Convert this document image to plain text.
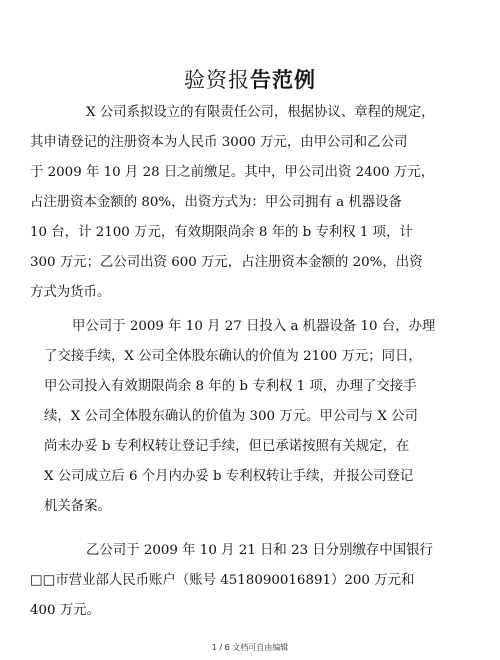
验资报告范例
X 公司系拟设立的有限责任公司，根据协议、章程的规定，
其申请登记的注册资本为人民币 3000 万元，由甲公司和乙公司
于 2009 年 10 月 28 日之前缴足。其中，甲公司出资 2400 万元，
占注册资本金额的 80%，出资方式为：甲公司拥有 a 机器设备
10 台，计 2100 万元，有效期限尚余 8 年的 b 专利权 1 项，计
300 万元；乙公司出资 600 万元，占注册资本金额的 20%，出资
方式为货币。
甲公司于 2009 年 10 月 27 日投入 a 机器设备 10 台，办理
了交接手续，X 公司全体股东确认的价值为 2100 万元；同日，
甲公司投入有效期限尚余 8 年的 b 专利权 1 项，办理了交接手
续，X 公司全体股东确认的价值为 300 万元。甲公司与 X 公司
尚未办妥 b 专利权转让登记手续，但已承诺按照有关规定，在
X 公司成立后 6 个月内办妥 b 专利权转让手续，并报公司登记
机关备案。
乙公司于 2009 年 10 月 21 日和 23 日分别缴存中国银行
□□市营业部人民币账户（账号 4518090016891）200 万元和
400 万元。
1 / 6 文档可自由编辑
